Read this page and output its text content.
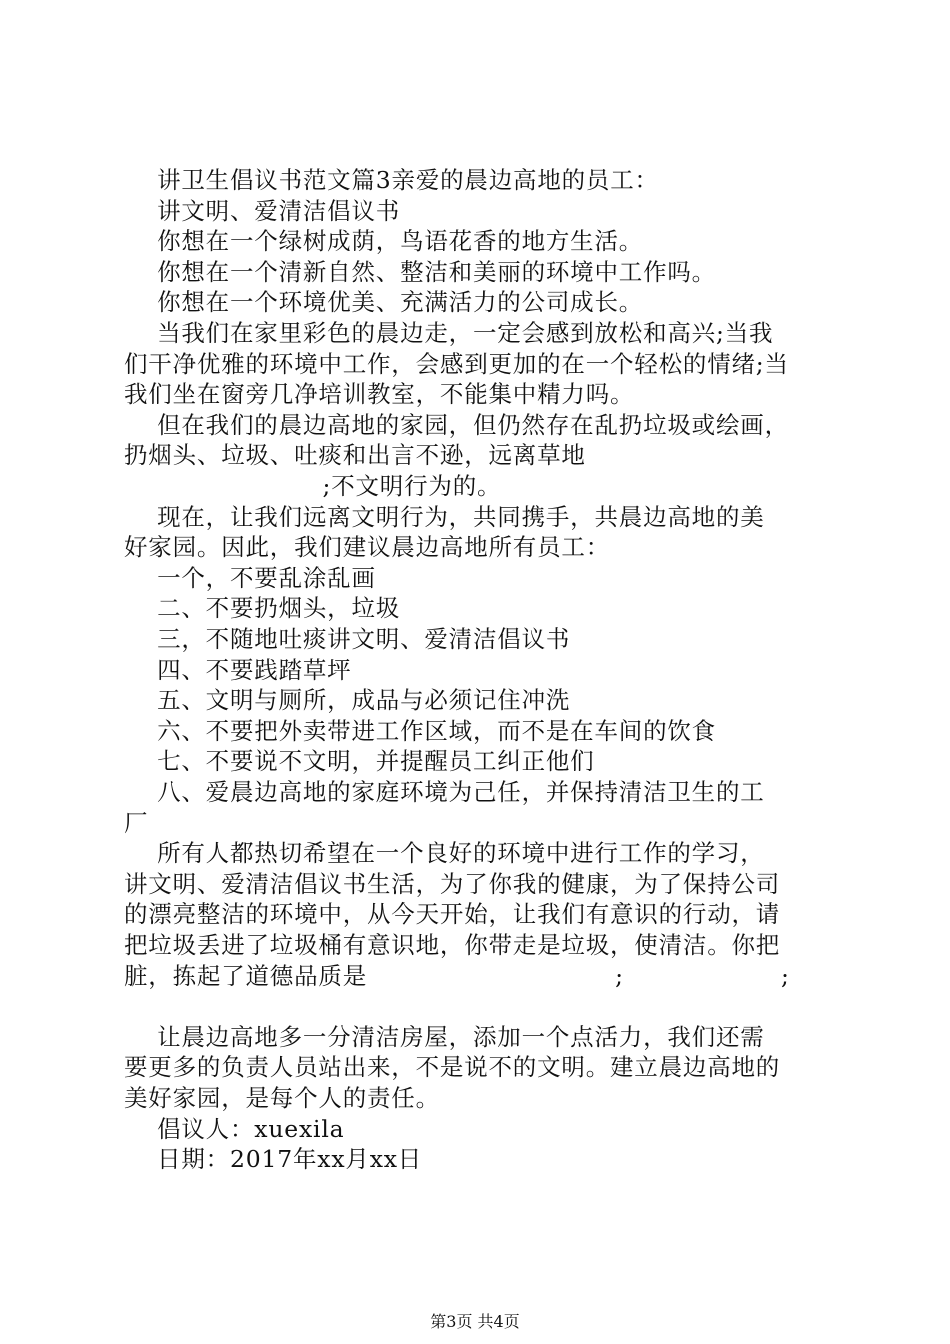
讲卫生倡议书范文篇3亲爱的晨边高地的员工：
讲文明、爱清洁倡议书
你想在一个绿树成荫，鸟语花香的地方生活。
你想在一个清新自然、整洁和美丽的环境中工作吗。
你想在一个环境优美、充满活力的公司成长。
当我们在家里彩色的晨边走，一定会感到放松和高兴;当我
们干净优雅的环境中工作，会感到更加的在一个轻松的情绪;当
我们坐在窗旁几净培训教室，不能集中精力吗。
但在我们的晨边高地的家园，但仍然存在乱扔垃圾或绘画，
扔烟头、垃圾、吐痰和出言不逊，远离草地
;不文明行为的。
现在，让我们远离文明行为，共同携手，共晨边高地的美
好家园。因此，我们建议晨边高地所有员工：
一个，不要乱涂乱画
二、不要扔烟头，垃圾
三，不随地吐痰讲文明、爱清洁倡议书
四、不要践踏草坪
五、文明与厕所，成品与必须记住冲洗
六、不要把外卖带进工作区域，而不是在车间的饮食
七、不要说不文明，并提醒员工纠正他们
八、爱晨边高地的家庭环境为己任，并保持清洁卫生的工
厂
所有人都热切希望在一个良好的环境中进行工作的学习，
讲文明、爱清洁倡议书生活，为了你我的健康，为了保持公司
的漂亮整洁的环境中，从今天开始，让我们有意识的行动，请
把垃圾丢进了垃圾桶有意识地，你带走是垃圾，使清洁。你把
脏，拣起了道德品质是                              ;                   ;
让晨边高地多一分清洁房屋，添加一个点活力，我们还需
要更多的负责人员站出来，不是说不的文明。建立晨边高地的
美好家园，是每个人的责任。
倡议人：xuexila
日期：2017年xx月xx日
第3页 共4页
